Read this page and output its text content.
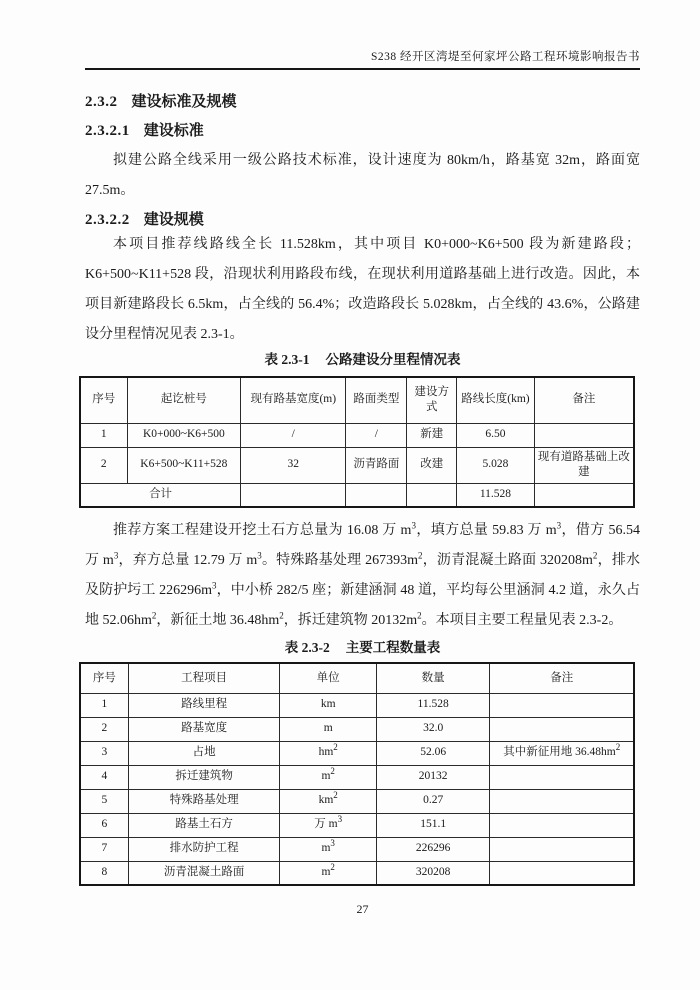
S238 经开区湾堤至何家坪公路工程环境影响报告书
2.3.2 建设标准及规模
2.3.2.1 建设标准

拟建公路全线采用一级公路技术标准，设计速度为 80km/h，路基宽 32m，路面宽 27.5m。

2.3.2.2 建设规模

本项目推荐线路线全长 11.528km，其中项目 K0+000~K6+500 段为新建路段；K6+500~K11+528 段，沿现状利用路段布线，在现状利用道路基础上进行改造。因此，本项目新建路段长 6.5km，占全线的 56.4%；改造路段长 5.028km，占全线的 43.6%，公路建设分里程情况见表 2.3-1。

表 2.3-1 公路建设分里程情况表
序号	起讫桩号	现有路基宽度(m)	路面类型	建设方式	路线长度(km)	备注
1	K0+000~K6+500	/	/	新建	6.50	
2	K6+500~K11+528	32	沥青路面	改建	5.028	现有道路基础上改建
合计					11.528	

推荐方案工程建设开挖土石方总量为 16.08 万 $m^3$，填方总量 59.83 万 $m^3$，借方 56.54 万 $m^3$，弃方总量 12.79 万 $m^3$。特殊路基处理 $267393m^2$，沥青混凝土路面 $320208m^2$，排水及防护圬工 $226296m^3$，中小桥 282/5 座；新建涵洞 48 道，平均每公里涵洞 4.2 道，永久占地 $52.06hm^2$，新征土地 $36.48hm^2$，拆迁建筑物 $20132m^2$。本项目主要工程量见表 2.3-2。

表 2.3-2 主要工程数量表
序号	工程项目	单位	数量	备注
1	路线里程	km	11.528	
2	路基宽度	m	32.0	
3	占地	$hm^2$	52.06	其中新征用地 $36.48hm^2$
4	拆迁建筑物	$m^2$	20132	
5	特殊路基处理	$km^2$	0.27	
6	路基土石方	万 $m^3$	151.1	
7	排水防护工程	$m^3$	226296	
8	沥青混凝土路面	$m^2$	320208	
27
